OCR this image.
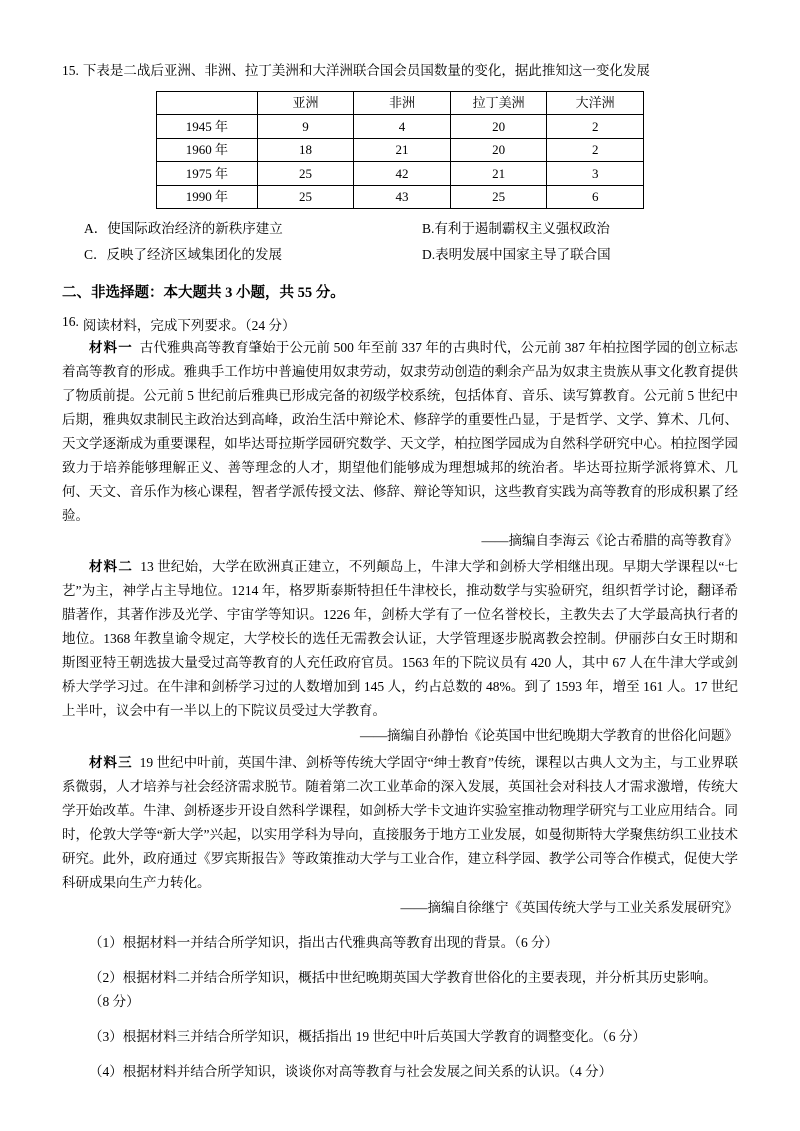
15. 下表是二战后亚洲、非洲、拉丁美洲和大洋洲联合国会员国数量的变化，据此推知这一变化发展
	亚洲	非洲	拉丁美洲	大洋洲
1945 年	9	4	20	2
1960 年	18	21	20	2
1975 年	25	42	21	3
1990 年	25	43	25	6
A．使国际政治经济的新秩序建立	B.有利于遏制霸权主义强权政治
C．反映了经济区域集团化的发展	D.表明发展中国家主导了联合国
二、非选择题：本大题共 3 小题，共 55 分。
16. 阅读材料，完成下列要求。（24 分）
材料一 古代雅典高等教育肇始于公元前 500 年至前 337 年的古典时代，公元前 387 年柏拉图学园的创立标志着高等教育的形成。雅典手工作坊中普遍使用奴隶劳动，奴隶劳动创造的剩余产品为奴隶主贵族从事文化教育提供了物质前提。公元前 5 世纪前后雅典已形成完备的初级学校系统，包括体育、音乐、读写算教育。公元前 5 世纪中后期，雅典奴隶制民主政治达到高峰，政治生活中辩论术、修辞学的重要性凸显，于是哲学、文学、算术、几何、天文学逐渐成为重要课程，如毕达哥拉斯学园研究数学、天文学，柏拉图学园成为自然科学研究中心。柏拉图学园致力于培养能够理解正义、善等理念的人才，期望他们能够成为理想城邦的统治者。毕达哥拉斯学派将算术、几何、天文、音乐作为核心课程，智者学派传授文法、修辞、辩论等知识，这些教育实践为高等教育的形成积累了经验。
——摘编自李海云《论古希腊的高等教育》
材料二 13 世纪始，大学在欧洲真正建立，不列颠岛上，牛津大学和剑桥大学相继出现。早期大学课程以“七艺”为主，神学占主导地位。1214 年，格罗斯泰斯特担任牛津校长，推动数学与实验研究，组织哲学讨论，翻译希腊著作，其著作涉及光学、宇宙学等知识。1226 年，剑桥大学有了一位名誉校长，主教失去了大学最高执行者的地位。1368 年教皇谕令规定，大学校长的选任无需教会认证，大学管理逐步脱离教会控制。伊丽莎白女王时期和斯图亚特王朝选拔大量受过高等教育的人充任政府官员。1563 年的下院议员有 420 人，其中 67 人在牛津大学或剑桥大学学习过。在牛津和剑桥学习过的人数增加到 145 人，约占总数的 48%。到了 1593 年，增至 161 人。17 世纪上半叶，议会中有一半以上的下院议员受过大学教育。
——摘编自孙静怡《论英国中世纪晚期大学教育的世俗化问题》
材料三 19 世纪中叶前，英国牛津、剑桥等传统大学固守“绅士教育”传统，课程以古典人文为主，与工业界联系微弱，人才培养与社会经济需求脱节。随着第二次工业革命的深入发展，英国社会对科技人才需求激增，传统大学开始改革。牛津、剑桥逐步开设自然科学课程，如剑桥大学卡文迪许实验室推动物理学研究与工业应用结合。同时，伦敦大学等“新大学”兴起，以实用学科为导向，直接服务于地方工业发展，如曼彻斯特大学聚焦纺织工业技术研究。此外，政府通过《罗宾斯报告》等政策推动大学与工业合作，建立科学园、教学公司等合作模式，促使大学科研成果向生产力转化。
——摘编自徐继宁《英国传统大学与工业关系发展研究》
（1）根据材料一并结合所学知识，指出古代雅典高等教育出现的背景。（6 分）
（2）根据材料二并结合所学知识，概括中世纪晚期英国大学教育世俗化的主要表现，并分析其历史影响。
（8 分）
（3）根据材料三并结合所学知识，概括指出 19 世纪中叶后英国大学教育的调整变化。（6 分）
（4）根据材料并结合所学知识，谈谈你对高等教育与社会发展之间关系的认识。（4 分）
